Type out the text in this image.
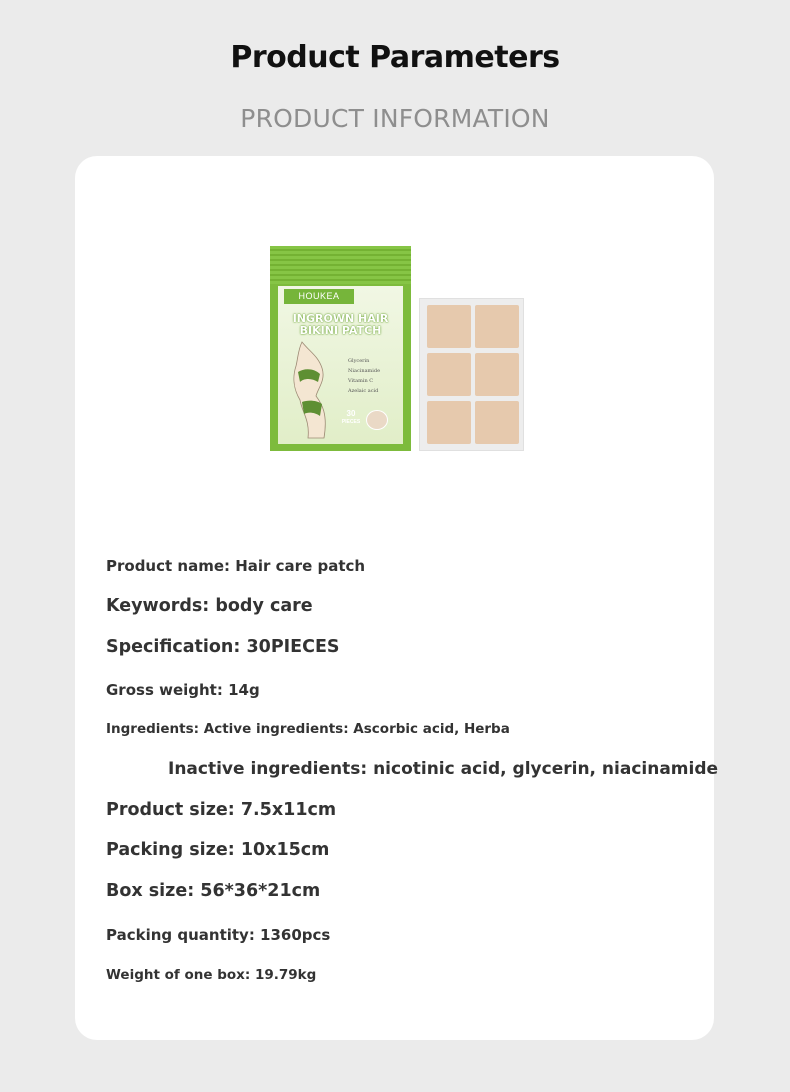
Product Parameters
PRODUCT INFORMATION
HOUKEA
INGROWN HAIR
BIKINI PATCH
Glycerin
Niacinamide
Vitamin C
Azelaic acid
30
PIECES
Product name: Hair care patch
Keywords: body care
Specification: 30PIECES
Gross weight: 14g
Ingredients: Active ingredients: Ascorbic acid, Herba
Inactive ingredients: nicotinic acid, glycerin, niacinamide
Product size: 7.5x11cm
Packing size: 10x15cm
Box size: 56*36*21cm
Packing quantity: 1360pcs
Weight of one box: 19.79kg
